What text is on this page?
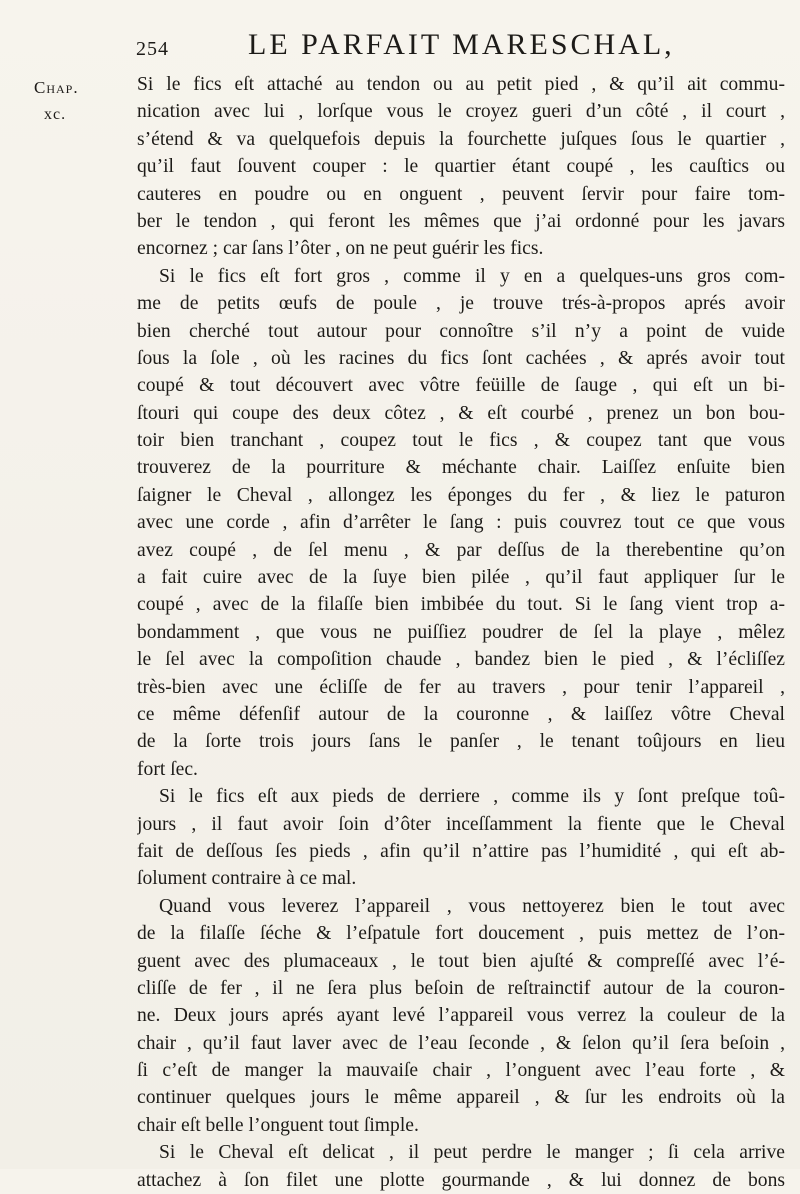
254	LE PARFAIT MARESCHAL,
Chap.
xc.
Si le fics eſt attaché au tendon ou au petit pied , & qu’il ait commu-
nication avec lui , lorſque vous le croyez gueri d’un côté , il court ,
s’étend & va quelquefois depuis la fourchette juſques ſous le quartier ,
qu’il faut ſouvent couper : le quartier étant coupé , les cauſtics ou
cauteres en poudre ou en onguent , peuvent ſervir pour faire tom-
ber le tendon , qui feront les mêmes que j’ai ordonné pour les javars
encornez ; car ſans l’ôter , on ne peut guérir les fics.
Si le fics eſt fort gros , comme il y en a quelques-uns gros com-
me de petits œufs de poule , je trouve trés-à-propos aprés avoir
bien cherché tout autour pour connoître s’il n’y a point de vuide
ſous la ſole , où les racines du fics ſont cachées , & aprés avoir tout
coupé & tout découvert avec vôtre feüille de ſauge , qui eſt un bi-
ſtouri qui coupe des deux côtez , & eſt courbé , prenez un bon bou-
toir bien tranchant , coupez tout le fics , & coupez tant que vous
trouverez de la pourriture & méchante chair. Laiſſez enſuite bien
ſaigner le Cheval , allongez les éponges du fer , & liez le paturon
avec une corde , afin d’arrêter le ſang : puis couvrez tout ce que vous
avez coupé , de ſel menu , & par deſſus de la therebentine qu’on
a fait cuire avec de la ſuye bien pilée , qu’il faut appliquer ſur le
coupé , avec de la filaſſe bien imbibée du tout. Si le ſang vient trop a-
bondamment , que vous ne puiſſiez poudrer de ſel la playe , mêlez
le ſel avec la compoſition chaude , bandez bien le pied , & l’écliſſez
très-bien avec une écliſſe de fer au travers , pour tenir l’appareil ,
ce même défenſif autour de la couronne , & laiſſez vôtre Cheval
de la ſorte trois jours ſans le panſer , le tenant toûjours en lieu
fort ſec.
Si le fics eſt aux pieds de derriere , comme ils y ſont preſque toû-
jours , il faut avoir ſoin d’ôter inceſſamment la fiente que le Cheval
fait de deſſous ſes pieds , afin qu’il n’attire pas l’humidité , qui eſt ab-
ſolument contraire à ce mal.
Quand vous leverez l’appareil , vous nettoyerez bien le tout avec
de la filaſſe ſéche & l’eſpatule fort doucement , puis mettez de l’on-
guent avec des plumaceaux , le tout bien ajuſté & compreſſé avec l’é-
cliſſe de fer , il ne ſera plus beſoin de reſtrainctif autour de la couron-
ne. Deux jours aprés ayant levé l’appareil vous verrez la couleur de la
chair , qu’il faut laver avec de l’eau ſeconde , & ſelon qu’il ſera beſoin ,
ſi c’eſt de manger la mauvaiſe chair , l’onguent avec l’eau forte , &
continuer quelques jours le même appareil , & ſur les endroits où la
chair eſt belle l’onguent tout ſimple.
Si le Cheval eſt delicat , il peut perdre le manger ; ſi cela arrive
attachez à ſon filet une plotte gourmande , & lui donnez de bons
